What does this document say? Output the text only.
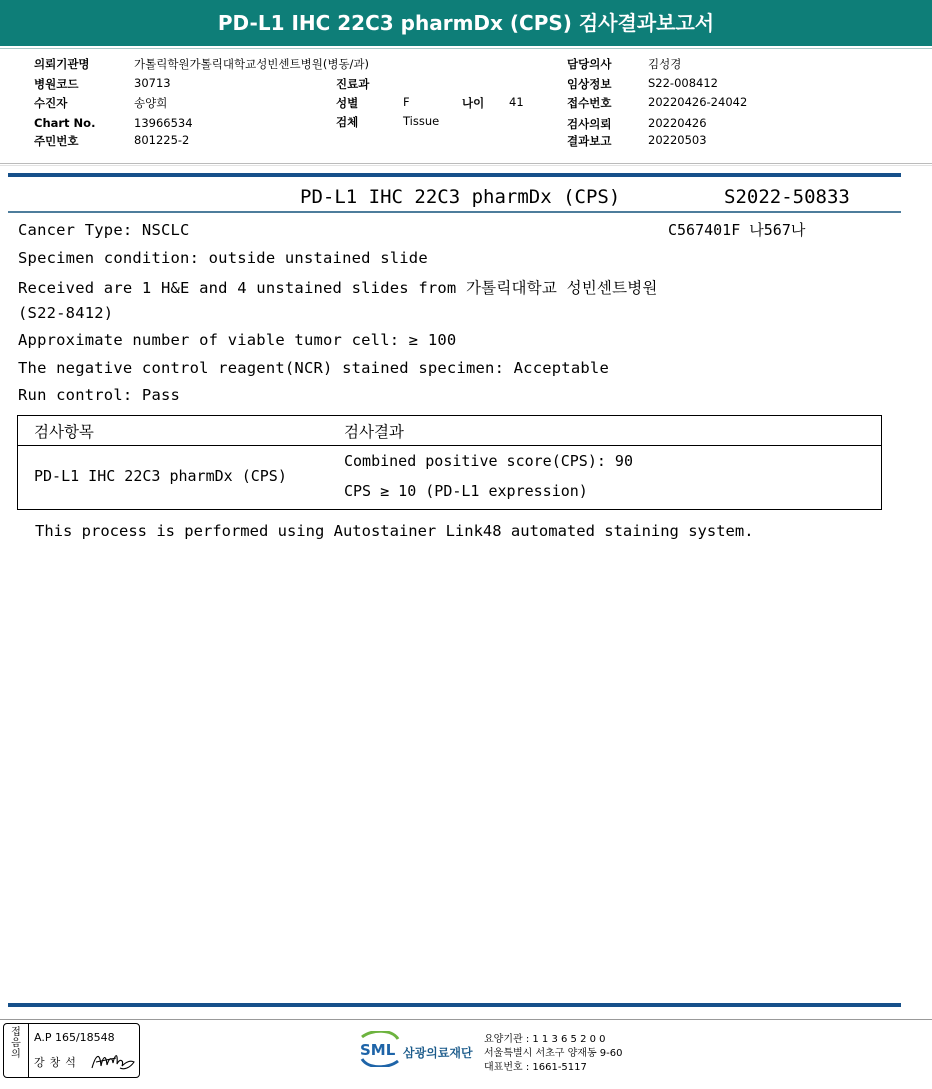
PD-L1 IHC 22C3 pharmDx (CPS) 검사결과보고서
의뢰기관명	가톨릭학원가톨릭대학교성빈센트병원(병동/과)
병원코드	30713	진료과
수진자	송양희	성별	F	나이 41
Chart No.	13966534	검체	Tissue
주민번호	801225-2
담당의사	김성경
임상정보	S22-008412
접수번호	20220426-24042
검사의뢰	20220426
결과보고	20220503
PD-L1 IHC 22C3 pharmDx (CPS)	S2022-50833
C567401F 나567나
Cancer Type: NSCLC
Specimen condition: outside unstained slide
Received are 1 H&E and 4 unstained slides from 가톨릭대학교 성빈센트병원
(S22-8412)
Approximate number of viable tumor cell: ≥ 100
The negative control reagent(NCR) stained specimen: Acceptable
Run control: Pass
검사항목	검사결과
PD-L1 IHC 22C3 pharmDx (CPS)
Combined positive score(CPS): 90
CPS ≥ 10 (PD-L1 expression)
This process is performed using Autostainer Link48 automated staining system.
접
음
의
A.P 165/18548
강창석
SML 삼광의료재단
요양기관 : 1 1 3 6 5 2 0 0
서울특별시 서초구 양재동 9-60
대표번호 : 1661-5117
